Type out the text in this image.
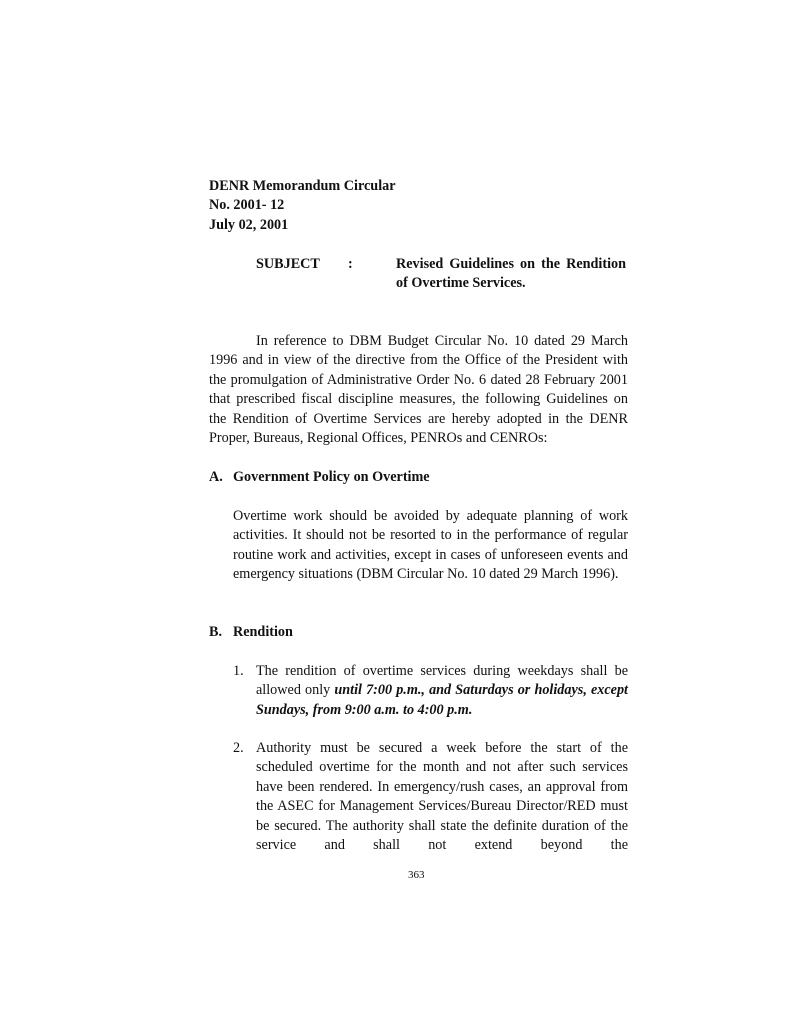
DENR Memorandum Circular
No. 2001- 12
July 02, 2001
SUBJECT :	Revised Guidelines on the Rendition of Overtime Services.

In reference to DBM Budget Circular No. 10 dated 29 March 1996 and in view of the directive from the Office of the President with the promulgation of Administrative Order No. 6 dated 28 February 2001 that prescribed fiscal discipline measures, the following Guidelines on the Rendition of Overtime Services are hereby adopted in the DENR Proper, Bureaus, Regional Offices, PENROs and CENROs:

A. Government Policy on Overtime

Overtime work should be avoided by adequate planning of work activities. It should not be resorted to in the performance of regular routine work and activities, except in cases of unforeseen events and emergency situations (DBM Circular No. 10 dated 29 March 1996).

B. Rendition
1. The rendition of overtime services during weekdays shall be allowed only until 7:00 p.m., and Saturdays or holidays, except Sundays, from 9:00 a.m. to 4:00 p.m.

2. Authority must be secured a week before the start of the scheduled overtime for the month and not after such services have been rendered. In emergency/rush cases, an approval from the ASEC for Management Services/Bureau Director/RED must be secured. The authority shall state the definite duration of the service and shall not extend beyond the

363
